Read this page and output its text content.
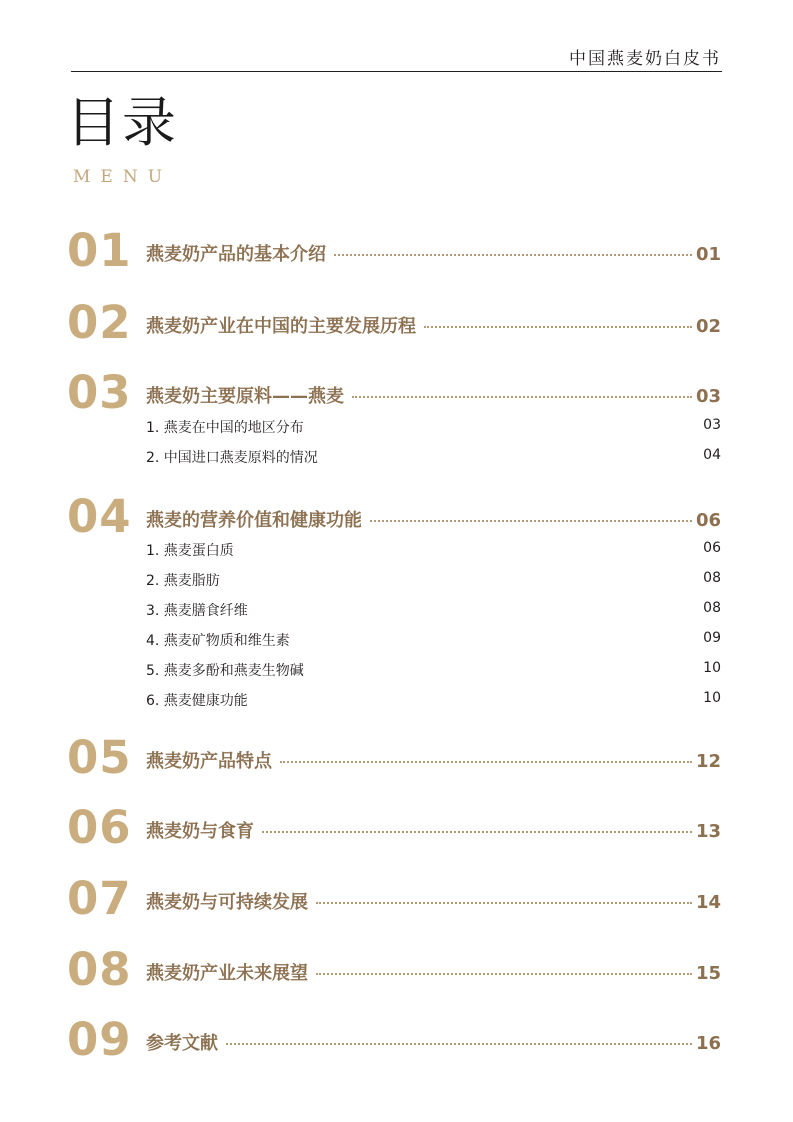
中国燕麦奶白皮书
目录
MENU
01 燕麦奶产品的基本介绍	01
02 燕麦奶产业在中国的主要发展历程	02
03 燕麦奶主要原料——燕麦	03
1. 燕麦在中国的地区分布	03
2. 中国进口燕麦原料的情况	04
04 燕麦的营养价值和健康功能	06
1. 燕麦蛋白质	06
2. 燕麦脂肪	08
3. 燕麦膳食纤维	08
4. 燕麦矿物质和维生素	09
5. 燕麦多酚和燕麦生物碱	10
6. 燕麦健康功能	10
05 燕麦奶产品特点	12
06 燕麦奶与食育	13
07 燕麦奶与可持续发展	14
08 燕麦奶产业未来展望	15
09 参考文献	16
